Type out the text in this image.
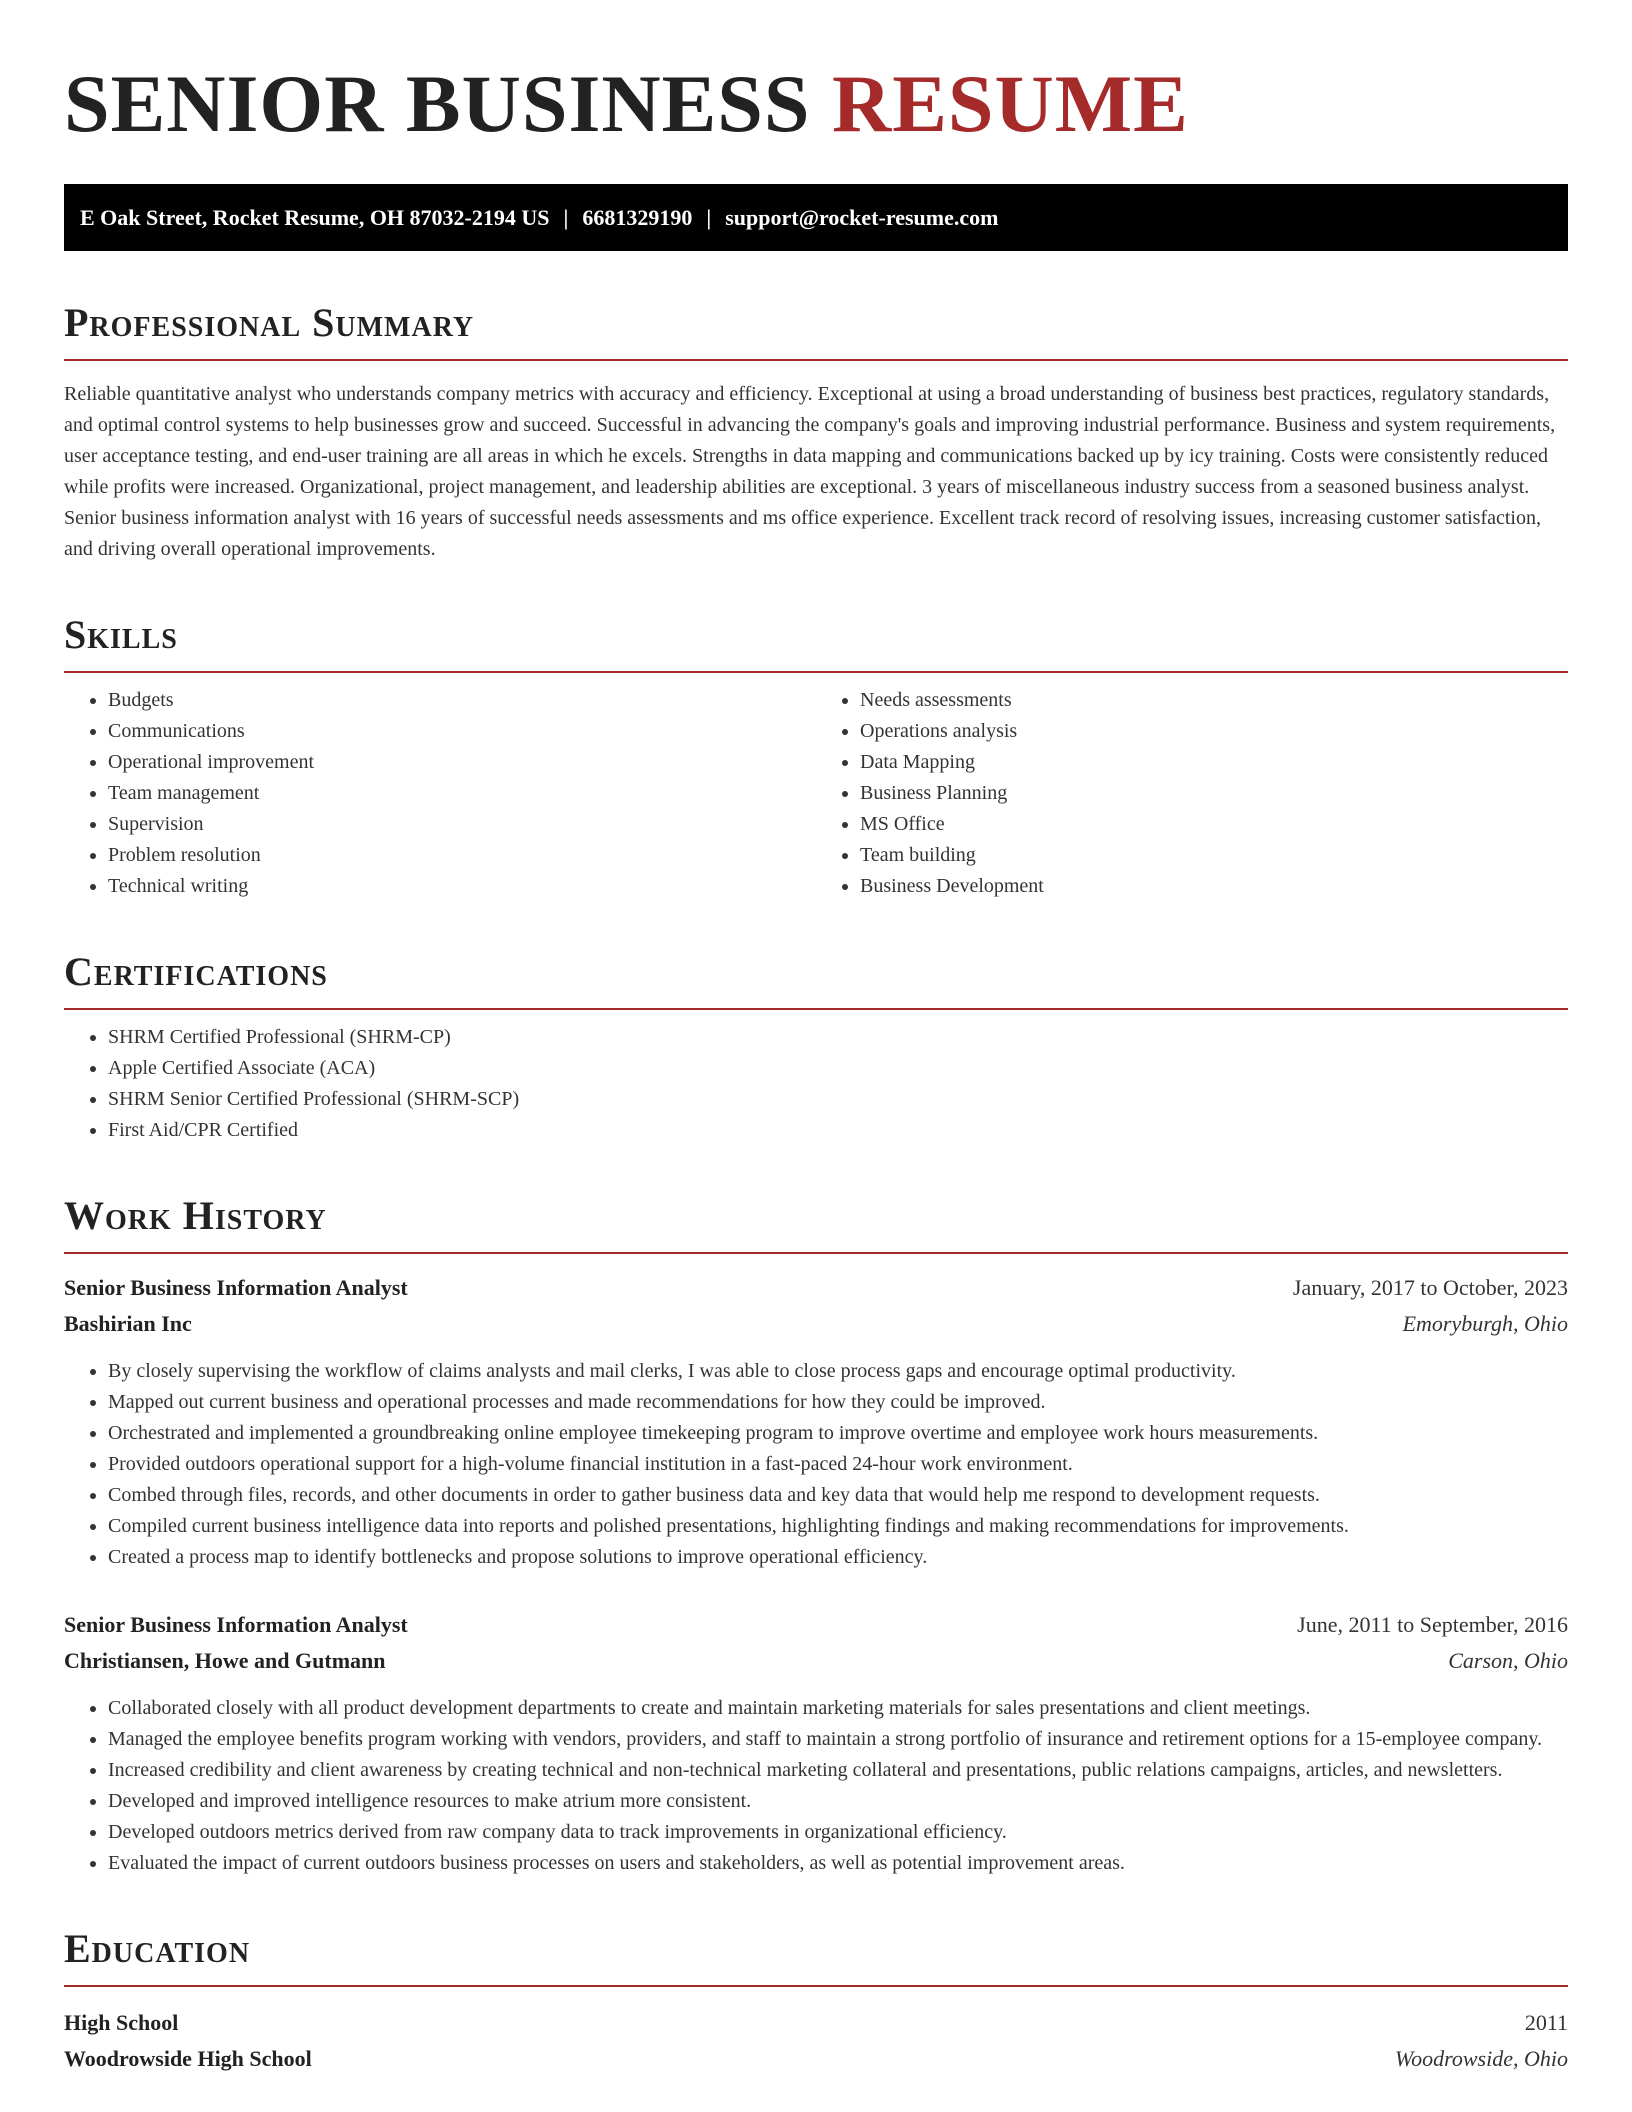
SENIOR BUSINESS RESUME
E Oak Street, Rocket Resume, OH 87032-2194 US | 6681329190 | support@rocket-resume.com
Professional Summary

Reliable quantitative analyst who understands company metrics with accuracy and efficiency. Exceptional at using a broad understanding of business best practices, regulatory standards, and optimal control systems to help businesses grow and succeed. Successful in advancing the company's goals and improving industrial performance. Business and system requirements, user acceptance testing, and end-user training are all areas in which he excels. Strengths in data mapping and communications backed up by icy training. Costs were consistently reduced while profits were increased. Organizational, project management, and leadership abilities are exceptional. 3 years of miscellaneous industry success from a seasoned business analyst. Senior business information analyst with 16 years of successful needs assessments and ms office experience. Excellent track record of resolving issues, increasing customer satisfaction, and driving overall operational improvements.

Skills
• Budgets
• Communications
• Operational improvement
• Team management
• Supervision
• Problem resolution
• Technical writing
• Needs assessments
• Operations analysis
• Data Mapping
• Business Planning
• MS Office
• Team building
• Business Development
Certifications
• SHRM Certified Professional (SHRM-CP)
• Apple Certified Associate (ACA)
• SHRM Senior Certified Professional (SHRM-SCP)
• First Aid/CPR Certified
Work History
Senior Business Information Analyst	January, 2017 to October, 2023
Bashirian Inc	Emoryburgh, Ohio
• By closely supervising the workflow of claims analysts and mail clerks, I was able to close process gaps and encourage optimal productivity.
• Mapped out current business and operational processes and made recommendations for how they could be improved.
• Orchestrated and implemented a groundbreaking online employee timekeeping program to improve overtime and employee work hours measurements.
• Provided outdoors operational support for a high-volume financial institution in a fast-paced 24-hour work environment.
• Combed through files, records, and other documents in order to gather business data and key data that would help me respond to development requests.
• Compiled current business intelligence data into reports and polished presentations, highlighting findings and making recommendations for improvements.
• Created a process map to identify bottlenecks and propose solutions to improve operational efficiency.
Senior Business Information Analyst	June, 2011 to September, 2016
Christiansen, Howe and Gutmann	Carson, Ohio
• Collaborated closely with all product development departments to create and maintain marketing materials for sales presentations and client meetings.
• Managed the employee benefits program working with vendors, providers, and staff to maintain a strong portfolio of insurance and retirement options for a 15-employee company.
• Increased credibility and client awareness by creating technical and non-technical marketing collateral and presentations, public relations campaigns, articles, and newsletters.
• Developed and improved intelligence resources to make atrium more consistent.
• Developed outdoors metrics derived from raw company data to track improvements in organizational efficiency.
• Evaluated the impact of current outdoors business processes on users and stakeholders, as well as potential improvement areas.
Education
High School	2011
Woodrowside High School	Woodrowside, Ohio
